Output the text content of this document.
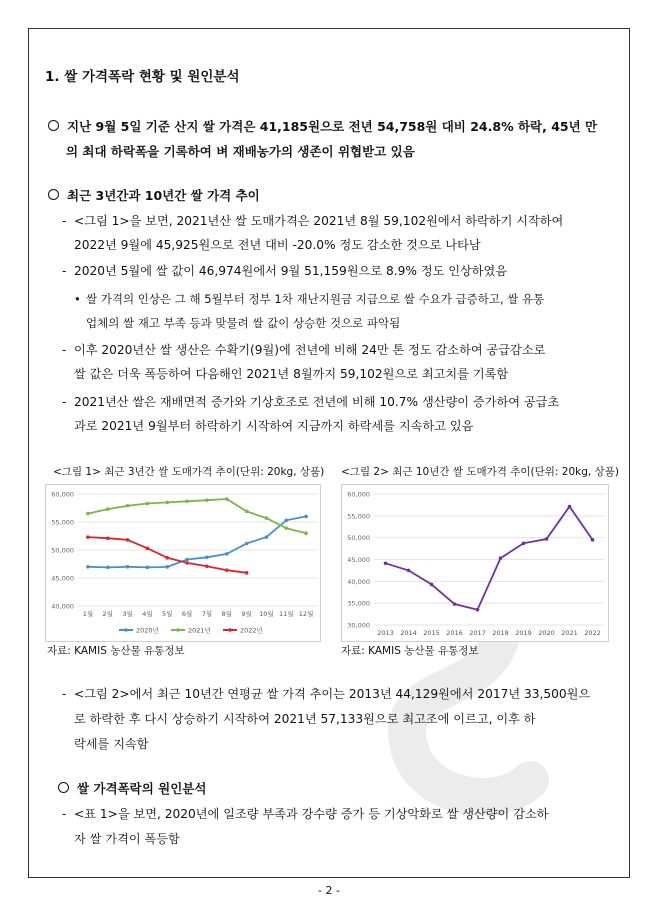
1. 쌀 가격폭락 현황 및 원인분석
지난 9월 5일 기준 산지 쌀 가격은 41,185원으로 전년 54,758원 대비 24.8% 하락, 45년 만
의 최대 하락폭을 기록하여 벼 재배농가의 생존이 위협받고 있음
최근 3년간과 10년간 쌀 가격 추이
- <그림 1>을 보면, 2021년산 쌀 도매가격은 2021년 8월 59,102원에서 하락하기 시작하여
2022년 9월에 45,925원으로 전년 대비 -20.0% 정도 감소한 것으로 나타남
- 2020년 5월에 쌀 값이 46,974원에서 9월 51,159원으로 8.9% 정도 인상하였음
• 쌀 가격의 인상은 그 해 5월부터 정부 1차 재난지원금 지급으로 쌀 수요가 급증하고, 쌀 유통
업체의 쌀 재고 부족 등과 맞물려 쌀 값이 상승한 것으로 파악됨
- 이후 2020년산 쌀 생산은 수확기(9월)에 전년에 비해 24만 톤 정도 감소하여 공급감소로
쌀 값은 더욱 폭등하여 다음해인 2021년 8월까지 59,102원으로 최고치를 기록함
- 2021년산 쌀은 재배면적 증가와 기상호조로 전년에 비해 10.7% 생산량이 증가하여 공급초
과로 2021년 9월부터 하락하기 시작하여 지금까지 하락세를 지속하고 있음
<그림 1> 최근 3년간 쌀 도매가격 추이(단위: 20kg, 상품) <그림 2> 최근 10년간 쌀 도매가격 추이(단위: 20kg, 상품)
40,000
45,000
50,000
55,000
60,000
1월 2월 3월 4월 5월 6월 7월 8월 9월 10월 11월 12월
2020년	2021년	2022년
30,000
35,000
40,000
45,000
50,000
55,000
60,000
2013 2014 2015 2016 2017 2018 2019 2020 2021 2022
자료: KAMIS 농산물 유통정보	자료: KAMIS 농산물 유통정보
- <그림 2>에서 최근 10년간 연평균 쌀 가격 추이는 2013년 44,129원에서 2017년 33,500원으
로 하락한 후 다시 상승하기 시작하여 2021년 57,133원으로 최고조에 이르고, 이후 하
락세를 지속함
쌀 가격폭락의 원인분석
- <표 1>을 보면, 2020년에 일조량 부족과 강수량 증가 등 기상악화로 쌀 생산량이 감소하
자 쌀 가격이 폭등함
- 2 -
